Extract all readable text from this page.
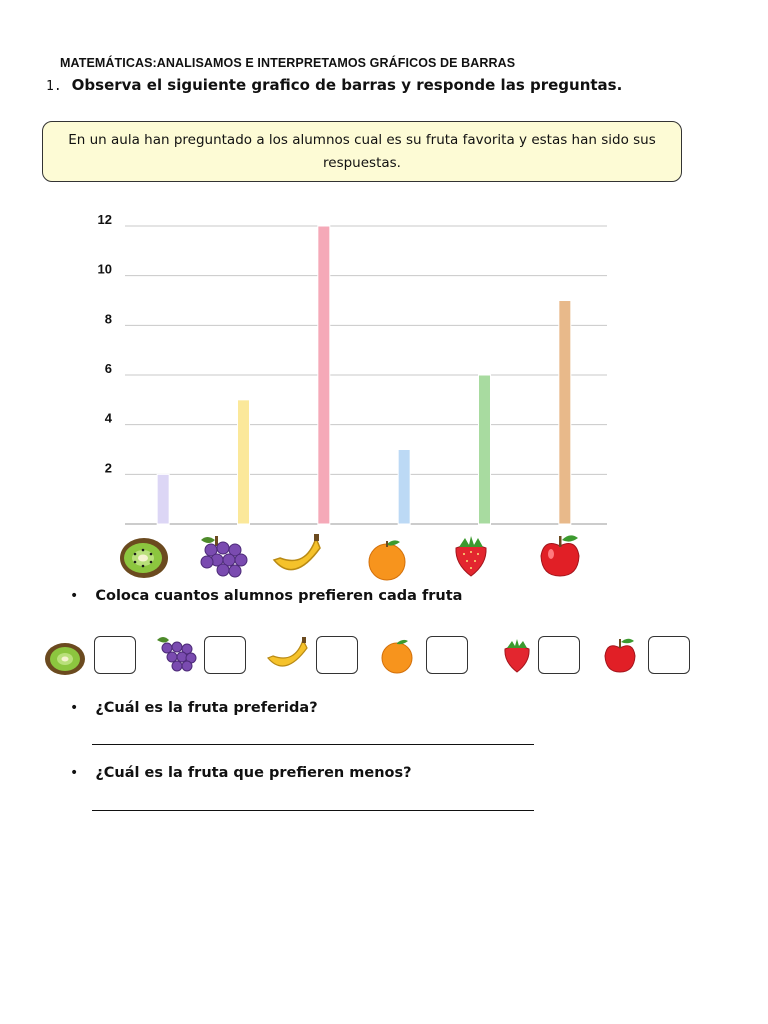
MATEMÁTICAS:ANALISAMOS E INTERPRETAMOS GRÁFICOS DE BARRAS
1. Observa el siguiente grafico de barras y responde las preguntas.
En un aula han preguntado a los alumnos cual es su fruta favorita y estas han sido sus respuestas.
2
4
6
8
10
12
• Coloca cuantos alumnos prefieren cada fruta
• ¿Cuál es la fruta preferida?
• ¿Cuál es la fruta que prefieren menos?
